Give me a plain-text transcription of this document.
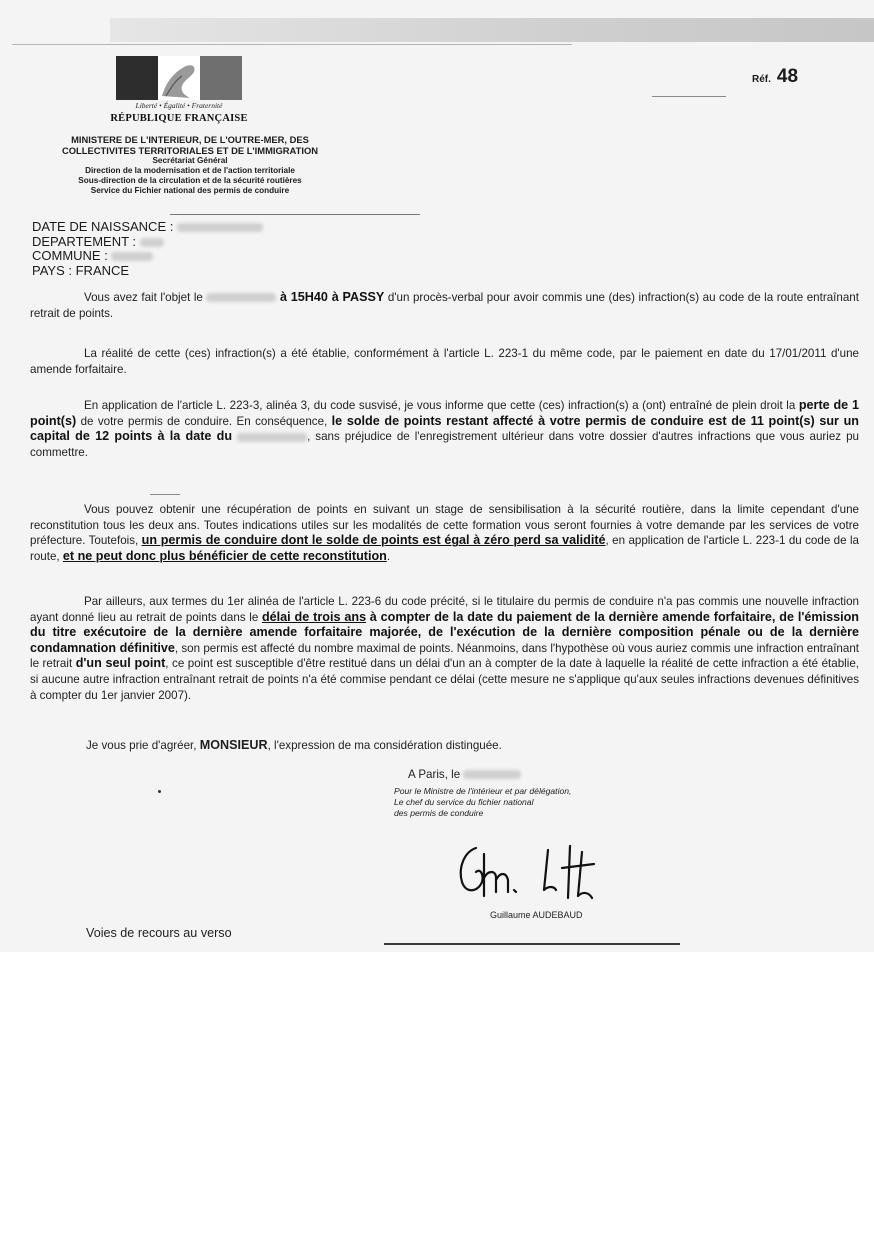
Liberté • Égalité • Fraternité
RÉPUBLIQUE FRANÇAISE
MINISTERE DE L'INTERIEUR, DE L'OUTRE-MER, DES
COLLECTIVITES TERRITORIALES ET DE L'IMMIGRATION
Secrétariat Général
Direction de la modernisation et de l'action territoriale
Sous-direction de la circulation et de la sécurité routières
Service du Fichier national des permis de conduire
Réf. 48
DATE DE NAISSANCE :
DEPARTEMENT :
COMMUNE :
PAYS : FRANCE

Vous avez fait l'objet le	à 15H40 à PASSY d'un procès-verbal pour avoir commis une (des) infraction(s) au code de la route entraînant retrait de points.

La réalité de cette (ces) infraction(s) a été établie, conformément à l'article L. 223-1 du même code, par le paiement en date du 17/01/2011 d'une amende forfaitaire.

En application de l'article L. 223-3, alinéa 3, du code susvisé, je vous informe que cette (ces) infraction(s) a (ont) entraîné de plein droit la perte de 1 point(s) de votre permis de conduire. En conséquence, le solde de points restant affecté à votre permis de conduire est de 11 point(s) sur un capital de 12 points à la date du	, sans préjudice de l'enregistrement ultérieur dans votre dossier d'autres infractions que vous auriez pu commettre.

Vous pouvez obtenir une récupération de points en suivant un stage de sensibilisation à la sécurité routière, dans la limite cependant d'une reconstitution tous les deux ans. Toutes indications utiles sur les modalités de cette formation vous seront fournies à votre demande par les services de votre préfecture. Toutefois, un permis de conduire dont le solde de points est égal à zéro perd sa validité, en application de l'article L. 223-1 du code de la route, et ne peut donc plus bénéficier de cette reconstitution.

Par ailleurs, aux termes du 1er alinéa de l'article L. 223-6 du code précité, si le titulaire du permis de conduire n'a pas commis une nouvelle infraction ayant donné lieu au retrait de points dans le délai de trois ans à compter de la date du paiement de la dernière amende forfaitaire, de l'émission du titre exécutoire de la dernière amende forfaitaire majorée, de l'exécution de la dernière composition pénale ou de la dernière condamnation définitive, son permis est affecté du nombre maximal de points. Néanmoins, dans l'hypothèse où vous auriez commis une infraction entraînant le retrait d'un seul point, ce point est susceptible d'être restitué dans un délai d'un an à compter de la date à laquelle la réalité de cette infraction a été établie, si aucune autre infraction entraînant retrait de points n'a été commise pendant ce délai (cette mesure ne s'applique qu'aux seules infractions devenues définitives à compter du 1er janvier 2007).

Je vous prie d'agréer, MONSIEUR, l'expression de ma considération distinguée.
A Paris, le
Pour le Ministre de l'intérieur et par délégation,
Le chef du service du fichier national
des permis de conduire
Guillaume AUDEBAUD
Voies de recours au verso
